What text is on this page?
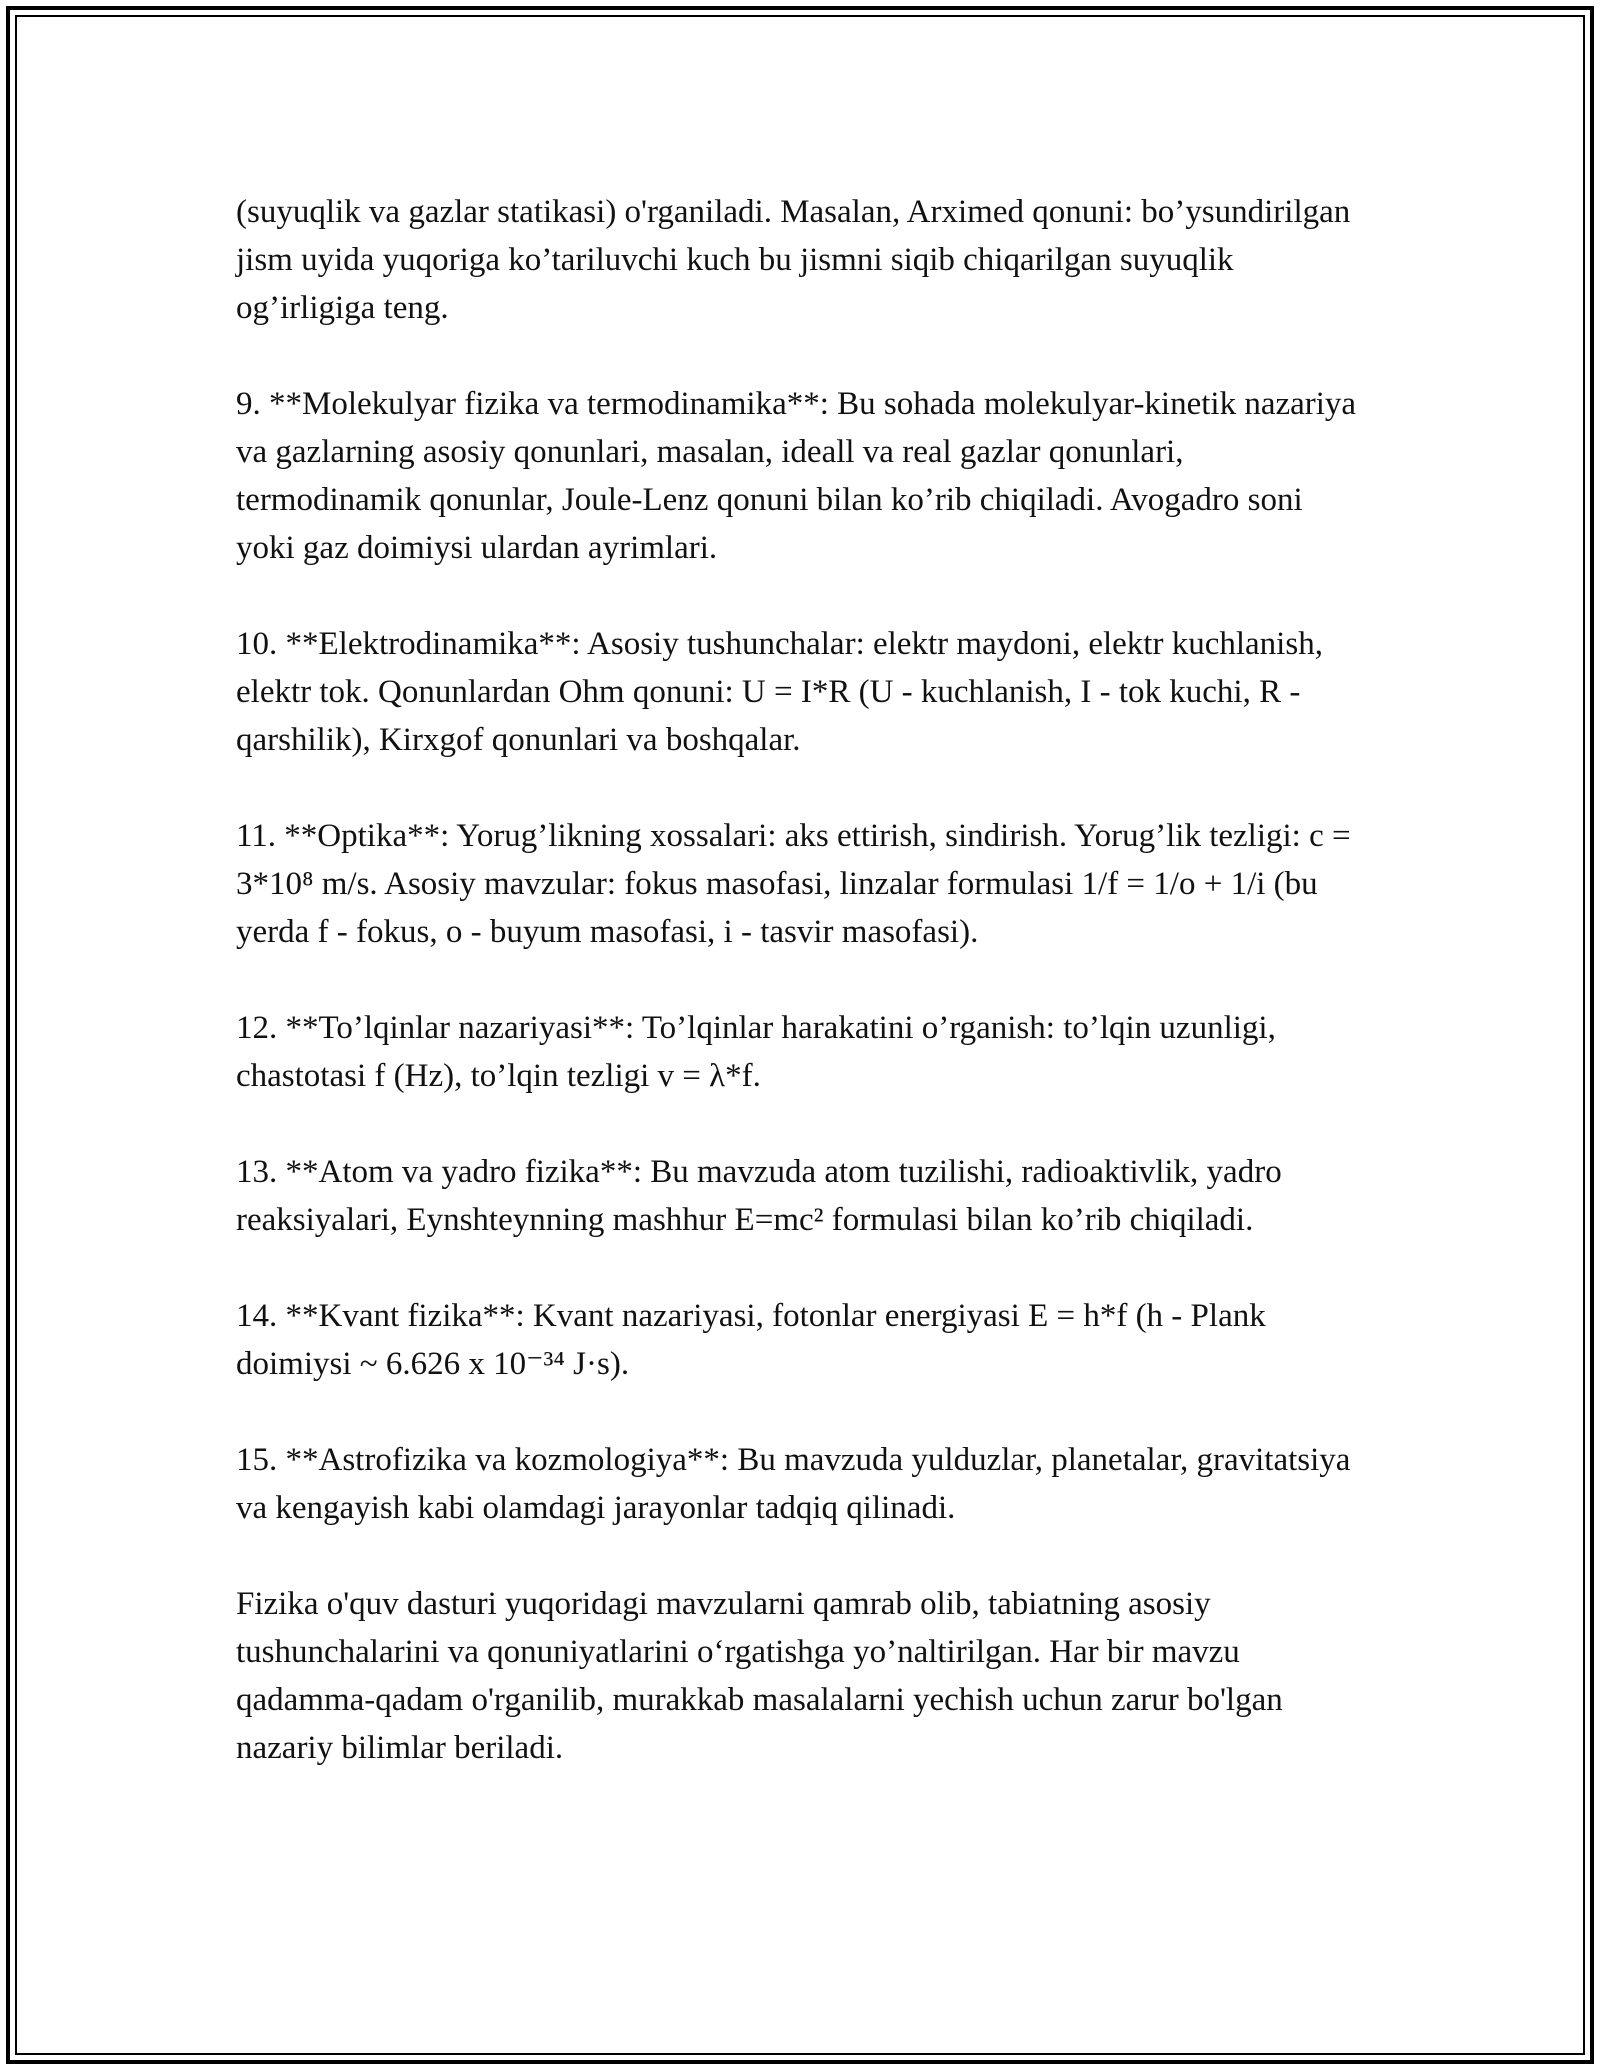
(suyuqlik va gazlar statikasi) o'rganiladi. Masalan, Arximed qonuni: bo’ysundirilgan jism uyida yuqoriga ko’tariluvchi kuch bu jismni siqib chiqarilgan suyuqlik og’irligiga teng.

9. **Molekulyar fizika va termodinamika**: Bu sohada molekulyar-kinetik nazariya va gazlarning asosiy qonunlari, masalan, ideall va real gazlar qonunlari, termodinamik qonunlar, Joule-Lenz qonuni bilan ko’rib chiqiladi. Avogadro soni yoki gaz doimiysi ulardan ayrimlari.

10. **Elektrodinamika**: Asosiy tushunchalar: elektr maydoni, elektr kuchlanish, elektr tok. Qonunlardan Ohm qonuni: U = I*R (U - kuchlanish, I - tok kuchi, R - qarshilik), Kirxgof qonunlari va boshqalar.

11. **Optika**: Yorug’likning xossalari: aks ettirish, sindirish. Yorug’lik tezligi: c = 3*10⁸ m/s. Asosiy mavzular: fokus masofasi, linzalar formulasi 1/f = 1/o + 1/i (bu yerda f - fokus, o - buyum masofasi, i - tasvir masofasi).

12. **To’lqinlar nazariyasi**: To’lqinlar harakatini o’rganish: to’lqin uzunligi, chastotasi f (Hz), to’lqin tezligi v = λ*f.

13. **Atom va yadro fizika**: Bu mavzuda atom tuzilishi, radioaktivlik, yadro reaksiyalari, Eynshteynning mashhur E=mc² formulasi bilan ko’rib chiqiladi.

14. **Kvant fizika**: Kvant nazariyasi, fotonlar energiyasi E = h*f (h - Plank doimiysi ~ 6.626 x 10⁻³⁴ J·s).

15. **Astrofizika va kozmologiya**: Bu mavzuda yulduzlar, planetalar, gravitatsiya va kengayish kabi olamdagi jarayonlar tadqiq qilinadi.

Fizika o'quv dasturi yuqoridagi mavzularni qamrab olib, tabiatning asosiy tushunchalarini va qonuniyatlarini o‘rgatishga yo’naltirilgan. Har bir mavzu qadamma-qadam o'rganilib, murakkab masalalarni yechish uchun zarur bo'lgan nazariy bilimlar beriladi.
